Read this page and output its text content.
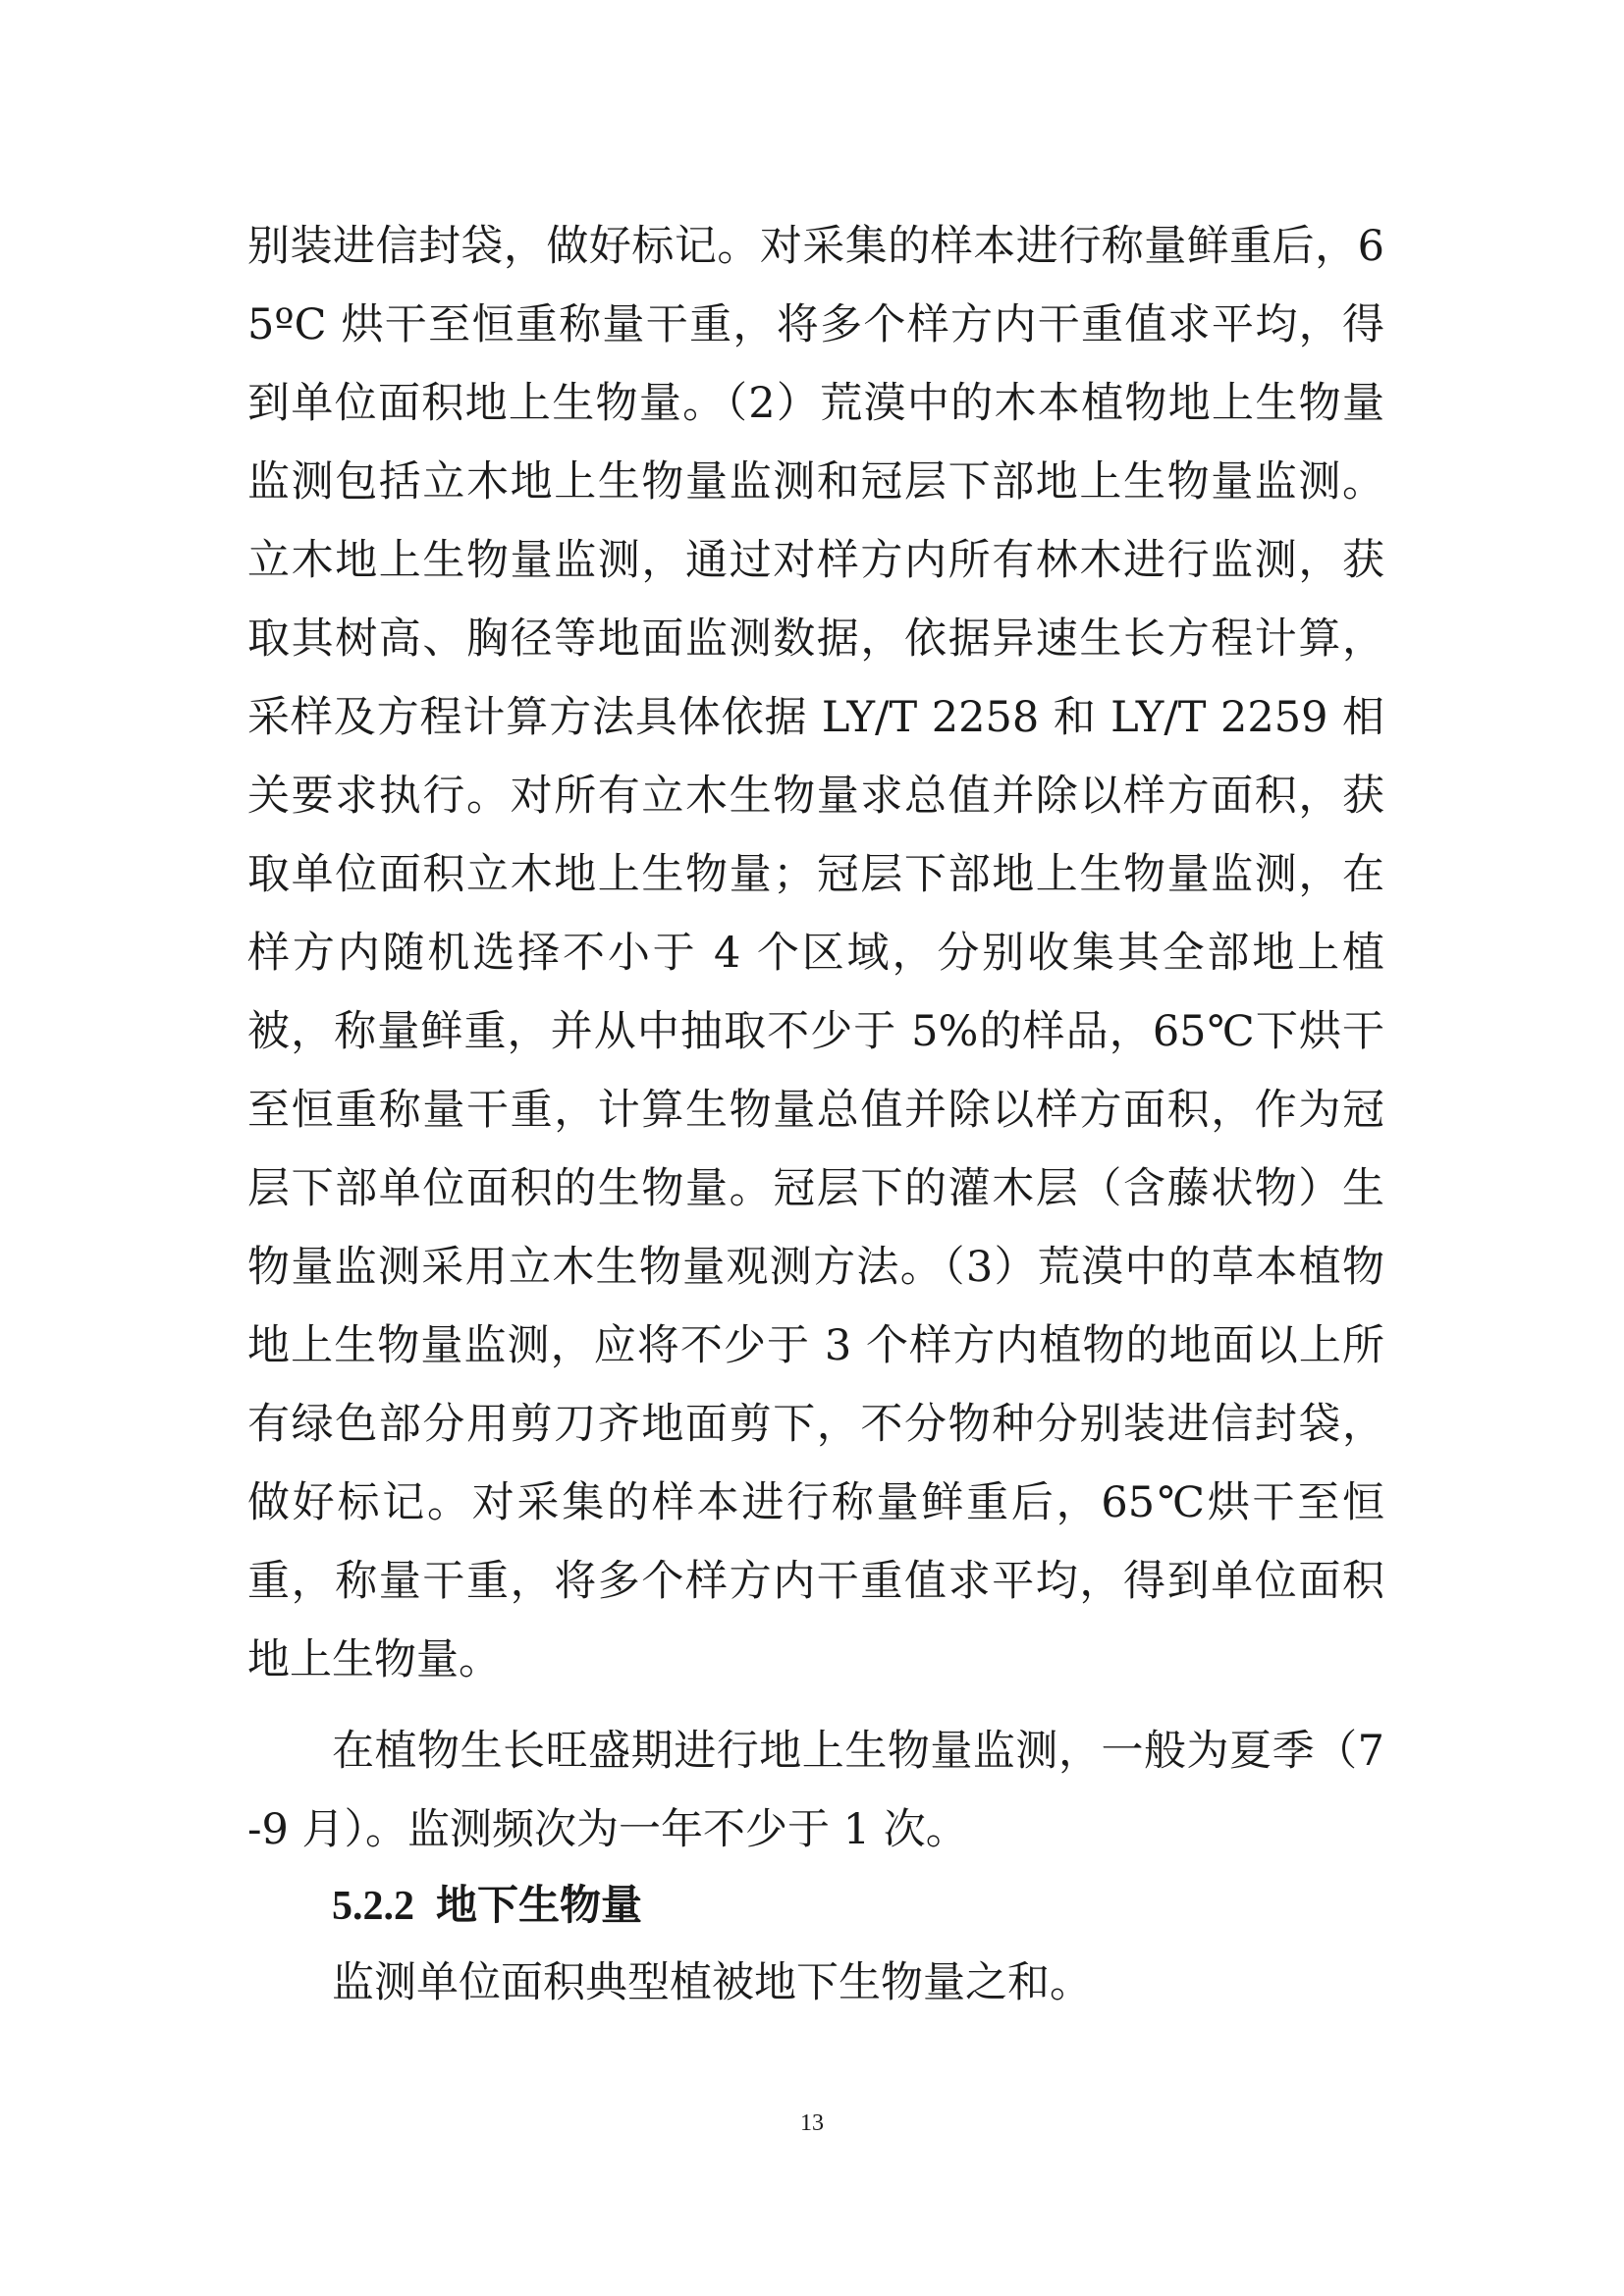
别装进信封袋，做好标记。对采集的样本进行称量鲜重后，65ºC 烘干至恒重称量干重，将多个样方内干重值求平均，得到单位面积地上生物量。（2）荒漠中的木本植物地上生物量监测包括立木地上生物量监测和冠层下部地上生物量监测。立木地上生物量监测，通过对样方内所有林木进行监测，获取其树高、胸径等地面监测数据，依据异速生长方程计算，采样及方程计算方法具体依据 LY/T 2258 和 LY/T 2259 相关要求执行。对所有立木生物量求总值并除以样方面积，获取单位面积立木地上生物量；冠层下部地上生物量监测，在样方内随机选择不小于 4 个区域，分别收集其全部地上植被，称量鲜重，并从中抽取不少于 5%的样品，65℃下烘干至恒重称量干重，计算生物量总值并除以样方面积，作为冠层下部单位面积的生物量。冠层下的灌木层（含藤状物）生物量监测采用立木生物量观测方法。（3）荒漠中的草本植物地上生物量监测，应将不少于 3 个样方内植物的地面以上所有绿色部分用剪刀齐地面剪下，不分物种分别装进信封袋，做好标记。对采集的样本进行称量鲜重后，65℃烘干至恒重，称量干重，将多个样方内干重值求平均，得到单位面积地上生物量。
在植物生长旺盛期进行地上生物量监测，一般为夏季（7-9 月）。监测频次为一年不少于 1 次。
5.2.2 地下生物量
监测单位面积典型植被地下生物量之和。
13
